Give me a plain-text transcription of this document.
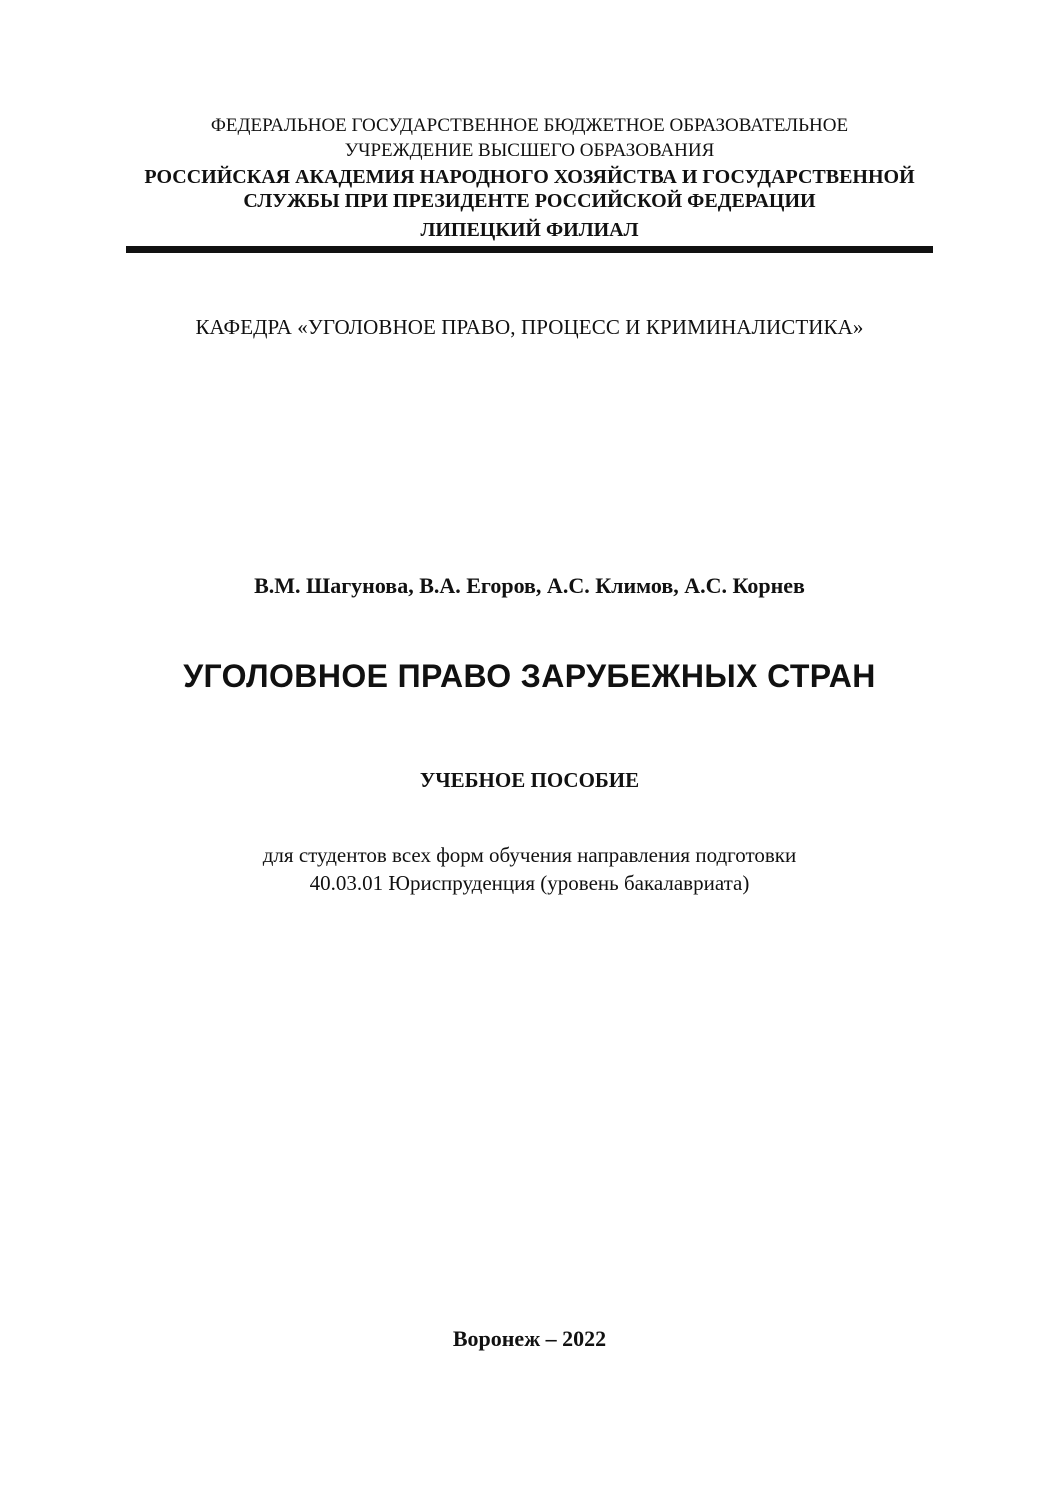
ФЕДЕРАЛЬНОЕ ГОСУДАРСТВЕННОЕ БЮДЖЕТНОЕ ОБРАЗОВАТЕЛЬНОЕ
УЧРЕЖДЕНИЕ ВЫСШЕГО ОБРАЗОВАНИЯ
РОССИЙСКАЯ АКАДЕМИЯ НАРОДНОГО ХОЗЯЙСТВА И ГОСУДАРСТВЕННОЙ
СЛУЖБЫ ПРИ ПРЕЗИДЕНТЕ РОССИЙСКОЙ ФЕДЕРАЦИИ
ЛИПЕЦКИЙ ФИЛИАЛ
КАФЕДРА «УГОЛОВНОЕ ПРАВО, ПРОЦЕСС И КРИМИНАЛИСТИКА»
В.М. Шагунова, В.А. Егоров, А.С. Климов, А.С. Корнев
УГОЛОВНОЕ ПРАВО ЗАРУБЕЖНЫХ СТРАН
УЧЕБНОЕ ПОСОБИЕ
для студентов всех форм обучения направления подготовки
40.03.01 Юриспруденция (уровень бакалавриата)
Воронеж – 2022
